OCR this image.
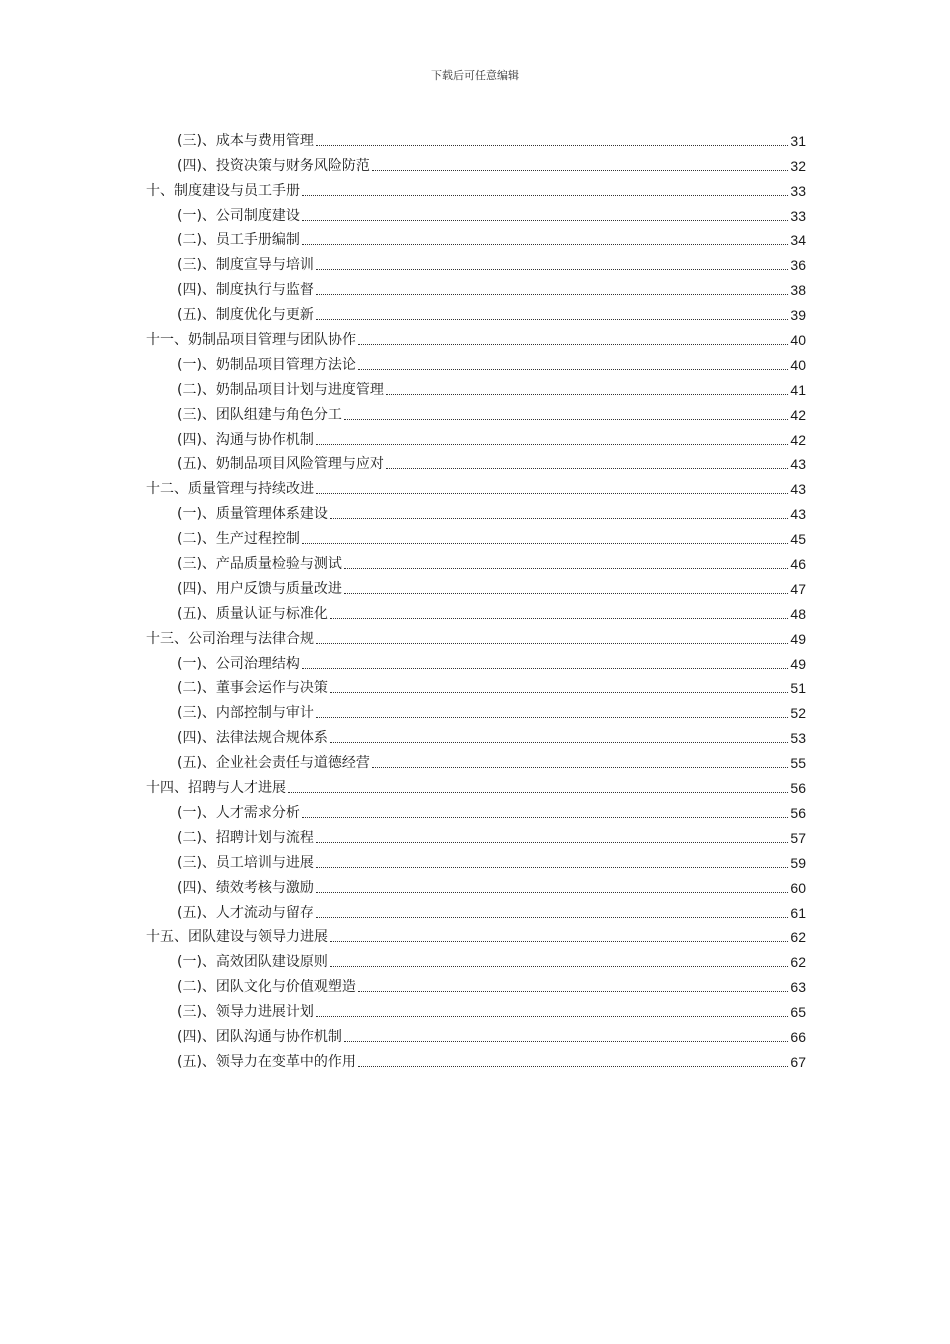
下载后可任意编辑
(三)、成本与费用管理	31
(四)、投资决策与财务风险防范	32
十、制度建设与员工手册	33
(一)、公司制度建设	33
(二)、员工手册编制	34
(三)、制度宣导与培训	36
(四)、制度执行与监督	38
(五)、制度优化与更新	39
十一、奶制品项目管理与团队协作	40
(一)、奶制品项目管理方法论	40
(二)、奶制品项目计划与进度管理	41
(三)、团队组建与角色分工	42
(四)、沟通与协作机制	42
(五)、奶制品项目风险管理与应对	43
十二、质量管理与持续改进	43
(一)、质量管理体系建设	43
(二)、生产过程控制	45
(三)、产品质量检验与测试	46
(四)、用户反馈与质量改进	47
(五)、质量认证与标准化	48
十三、公司治理与法律合规	49
(一)、公司治理结构	49
(二)、董事会运作与决策	51
(三)、内部控制与审计	52
(四)、法律法规合规体系	53
(五)、企业社会责任与道德经营	55
十四、招聘与人才进展	56
(一)、人才需求分析	56
(二)、招聘计划与流程	57
(三)、员工培训与进展	59
(四)、绩效考核与激励	60
(五)、人才流动与留存	61
十五、团队建设与领导力进展	62
(一)、高效团队建设原则	62
(二)、团队文化与价值观塑造	63
(三)、领导力进展计划	65
(四)、团队沟通与协作机制	66
(五)、领导力在变革中的作用	67
